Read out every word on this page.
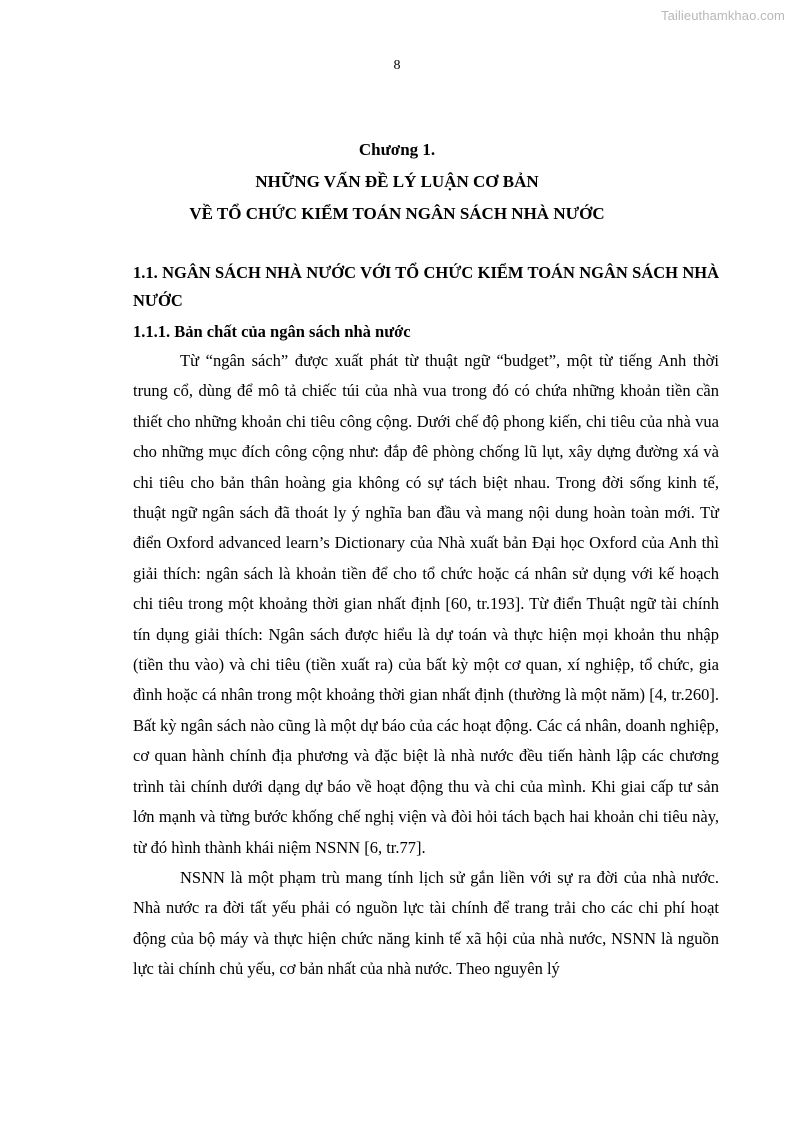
Tailieuthamkhao.com
8
Chương 1.
NHỮNG VẤN ĐỀ LÝ LUẬN CƠ BẢN
VỀ TỔ CHỨC KIỂM TOÁN NGÂN SÁCH NHÀ NƯỚC
1.1. NGÂN SÁCH NHÀ NƯỚC VỚI TỔ CHỨC KIỂM TOÁN NGÂN SÁCH NHÀ NƯỚC
1.1.1. Bản chất của ngân sách nhà nước

Từ “ngân sách” được xuất phát từ thuật ngữ “budget”, một từ tiếng Anh thời trung cổ, dùng để mô tả chiếc túi của nhà vua trong đó có chứa những khoản tiền cần thiết cho những khoản chi tiêu công cộng. Dưới chế độ phong kiến, chi tiêu của nhà vua cho những mục đích công cộng như: đắp đê phòng chống lũ lụt, xây dựng đường xá và chi tiêu cho bản thân hoàng gia không có sự tách biệt nhau. Trong đời sống kinh tế, thuật ngữ ngân sách đã thoát ly ý nghĩa ban đầu và mang nội dung hoàn toàn mới. Từ điển Oxford advanced learn’s Dictionary của Nhà xuất bản Đại học Oxford của Anh thì giải thích: ngân sách là khoản tiền để cho tổ chức hoặc cá nhân sử dụng với kế hoạch chi tiêu trong một khoảng thời gian nhất định [60, tr.193]. Từ điển Thuật ngữ tài chính tín dụng giải thích: Ngân sách được hiểu là dự toán và thực hiện mọi khoản thu nhập (tiền thu vào) và chi tiêu (tiền xuất ra) của bất kỳ một cơ quan, xí nghiệp, tổ chức, gia đình hoặc cá nhân trong một khoảng thời gian nhất định (thường là một năm) [4, tr.260]. Bất kỳ ngân sách nào cũng là một dự báo của các hoạt động. Các cá nhân, doanh nghiệp, cơ quan hành chính địa phương và đặc biệt là nhà nước đều tiến hành lập các chương trình tài chính dưới dạng dự báo về hoạt động thu và chi của mình. Khi giai cấp tư sản lớn mạnh và từng bước khống chế nghị viện và đòi hỏi tách bạch hai khoản chi tiêu này, từ đó hình thành khái niệm NSNN [6, tr.77].

NSNN là một phạm trù mang tính lịch sử gắn liền với sự ra đời của nhà nước. Nhà nước ra đời tất yếu phải có nguồn lực tài chính để trang trải cho các chi phí hoạt động của bộ máy và thực hiện chức năng kinh tế xã hội của nhà nước, NSNN là nguồn lực tài chính chủ yếu, cơ bản nhất của nhà nước. Theo nguyên lý
